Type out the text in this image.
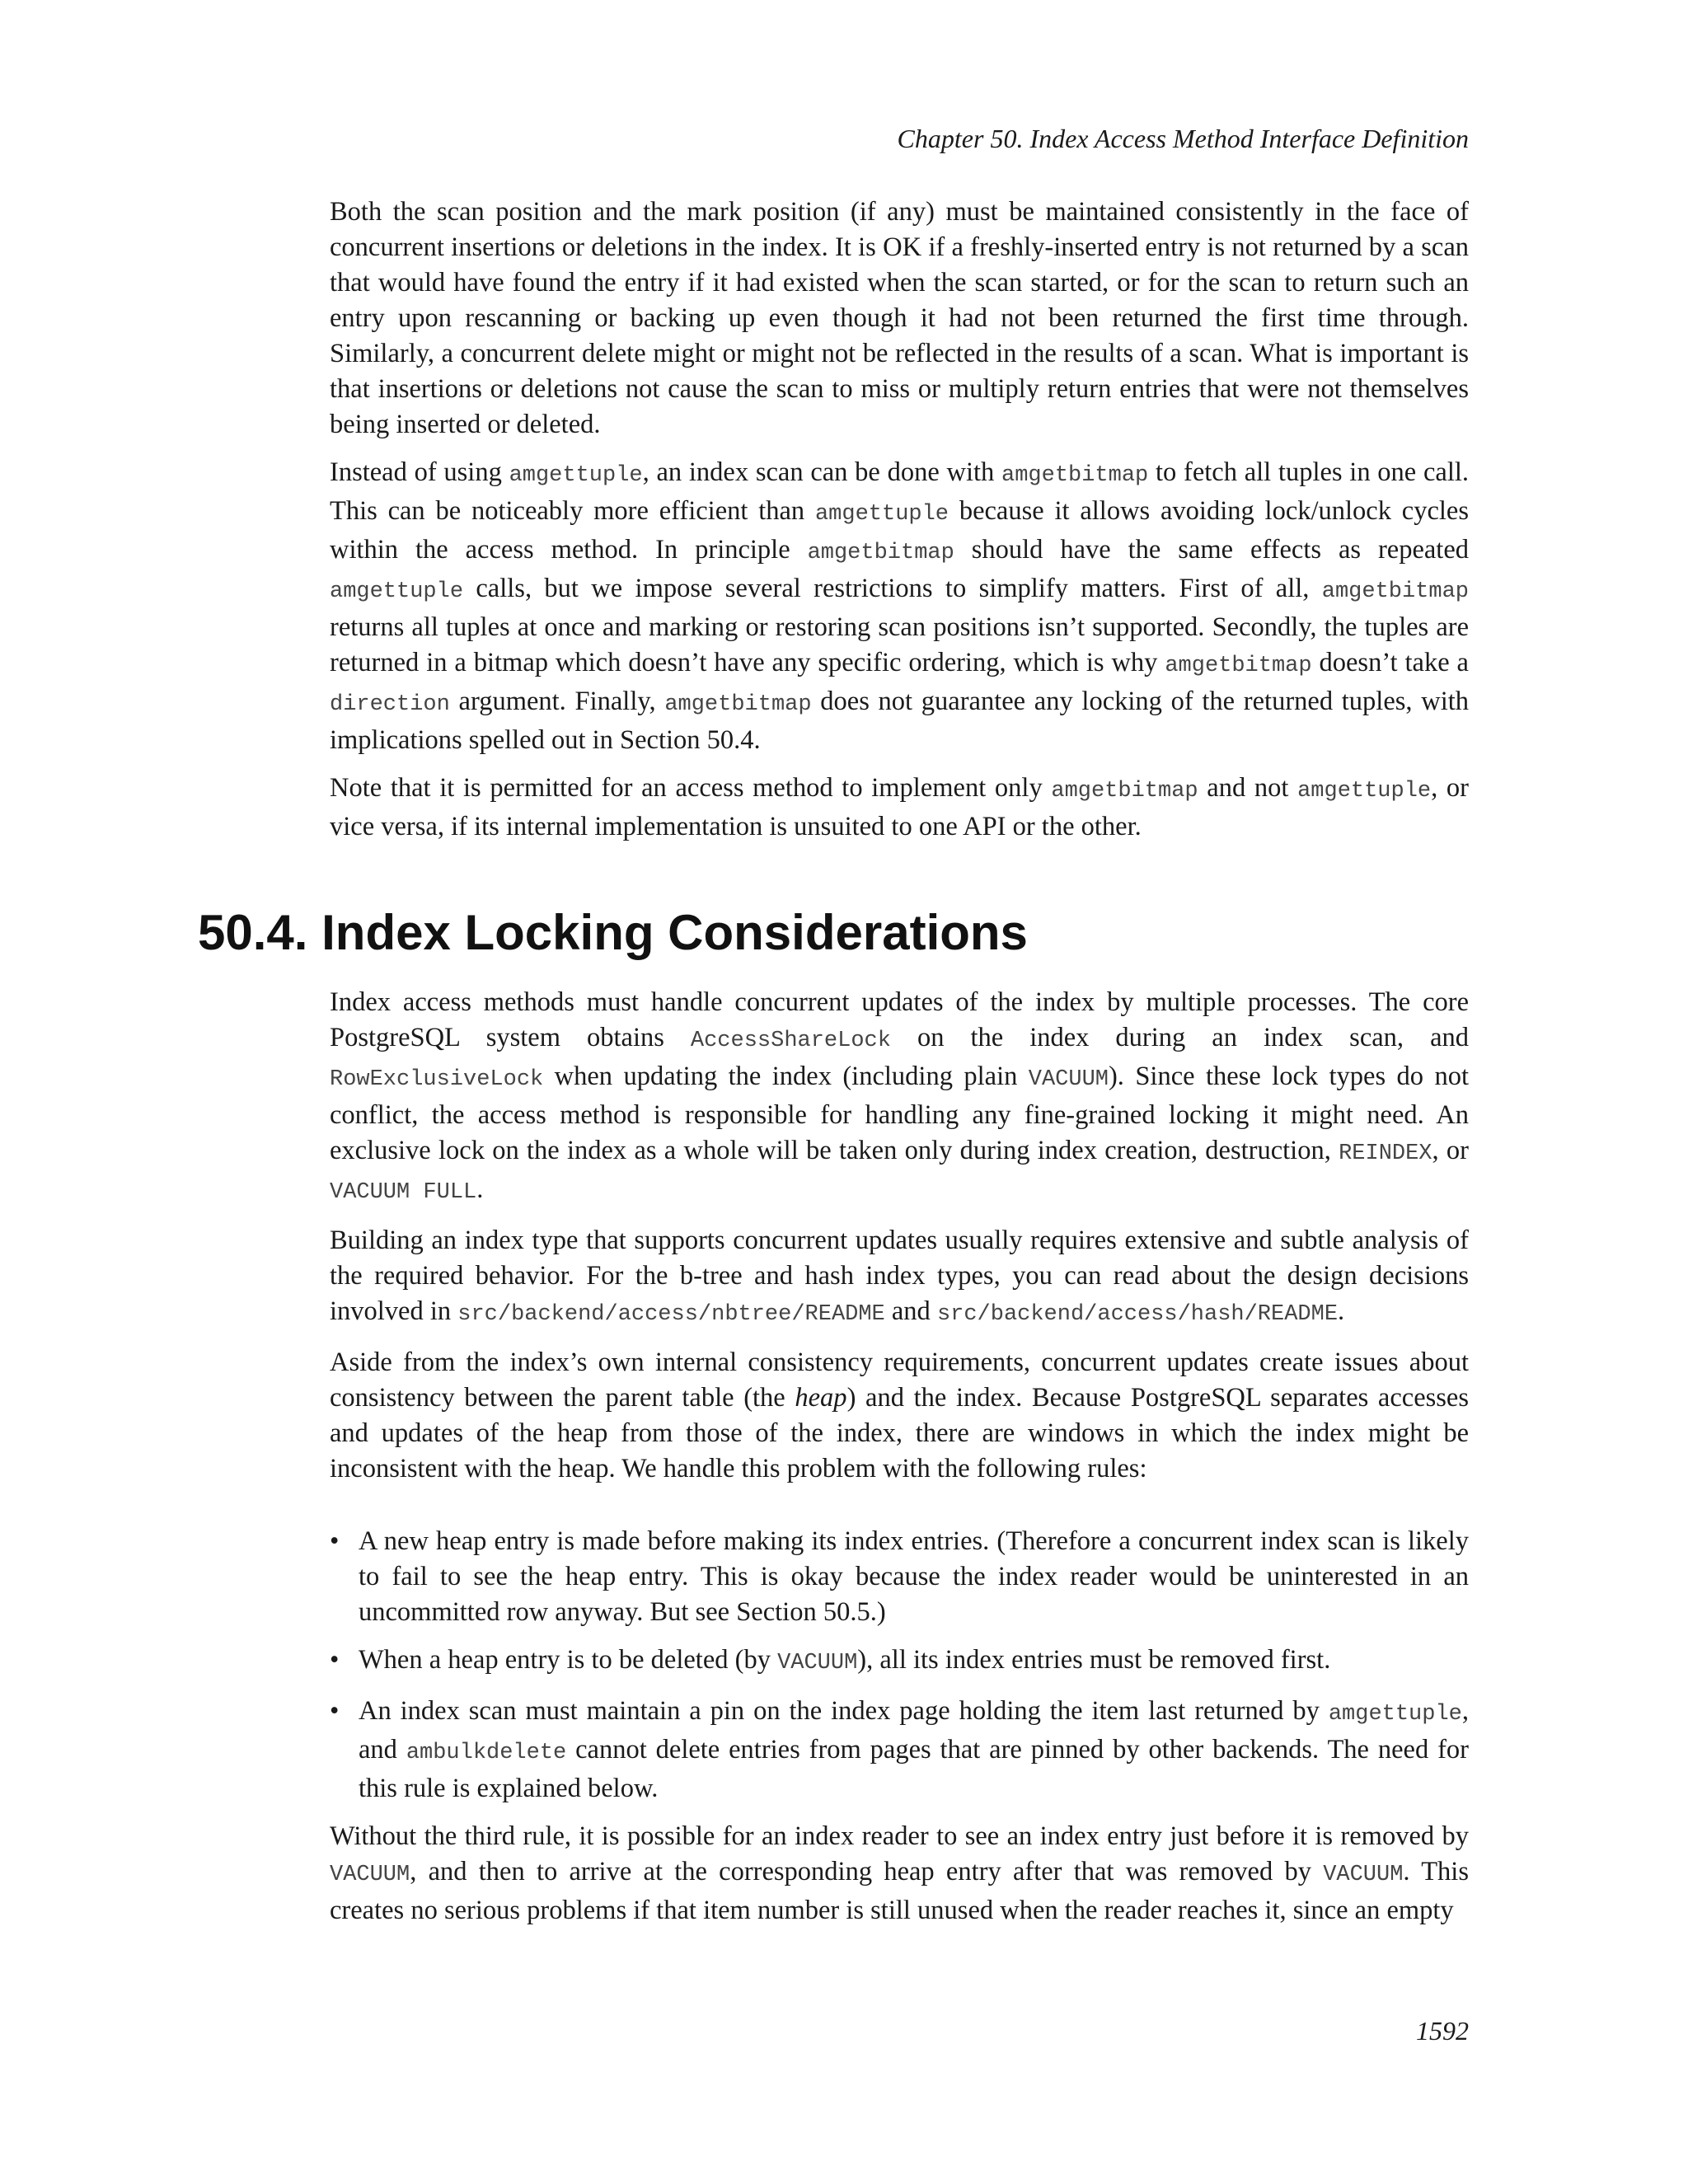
Chapter 50. Index Access Method Interface Definition

Both the scan position and the mark position (if any) must be maintained consistently in the face of concurrent insertions or deletions in the index. It is OK if a freshly-inserted entry is not returned by a scan that would have found the entry if it had existed when the scan started, or for the scan to return such an entry upon rescanning or backing up even though it had not been returned the first time through. Similarly, a concurrent delete might or might not be reflected in the results of a scan. What is important is that insertions or deletions not cause the scan to miss or multiply return entries that were not themselves being inserted or deleted.

Instead of using amgettuple, an index scan can be done with amgetbitmap to fetch all tuples in one call. This can be noticeably more efficient than amgettuple because it allows avoiding lock/unlock cycles within the access method. In principle amgetbitmap should have the same effects as repeated amgettuple calls, but we impose several restrictions to simplify matters. First of all, amgetbitmap returns all tuples at once and marking or restoring scan positions isn’t supported. Secondly, the tuples are returned in a bitmap which doesn’t have any specific ordering, which is why amgetbitmap doesn’t take a direction argument. Finally, amgetbitmap does not guarantee any locking of the returned tuples, with implications spelled out in Section 50.4.

Note that it is permitted for an access method to implement only amgetbitmap and not amgettuple, or vice versa, if its internal implementation is unsuited to one API or the other.

50.4. Index Locking Considerations

Index access methods must handle concurrent updates of the index by multiple processes. The core PostgreSQL system obtains AccessShareLock on the index during an index scan, and RowExclusiveLock when updating the index (including plain VACUUM). Since these lock types do not conflict, the access method is responsible for handling any fine-grained locking it might need. An exclusive lock on the index as a whole will be taken only during index creation, destruction, REINDEX, or VACUUM FULL.

Building an index type that supports concurrent updates usually requires extensive and subtle analysis of the required behavior. For the b-tree and hash index types, you can read about the design decisions involved in src/backend/access/nbtree/README and src/backend/access/hash/README.

Aside from the index’s own internal consistency requirements, concurrent updates create issues about consistency between the parent table (the heap) and the index. Because PostgreSQL separates accesses and updates of the heap from those of the index, there are windows in which the index might be inconsistent with the heap. We handle this problem with the following rules:

• A new heap entry is made before making its index entries. (Therefore a concurrent index scan is likely to fail to see the heap entry. This is okay because the index reader would be uninterested in an uncommitted row anyway. But see Section 50.5.)
• When a heap entry is to be deleted (by VACUUM), all its index entries must be removed first.
• An index scan must maintain a pin on the index page holding the item last returned by amgettuple, and ambulkdelete cannot delete entries from pages that are pinned by other backends. The need for this rule is explained below.

Without the third rule, it is possible for an index reader to see an index entry just before it is removed by VACUUM, and then to arrive at the corresponding heap entry after that was removed by VACUUM. This creates no serious problems if that item number is still unused when the reader reaches it, since an empty

1592
